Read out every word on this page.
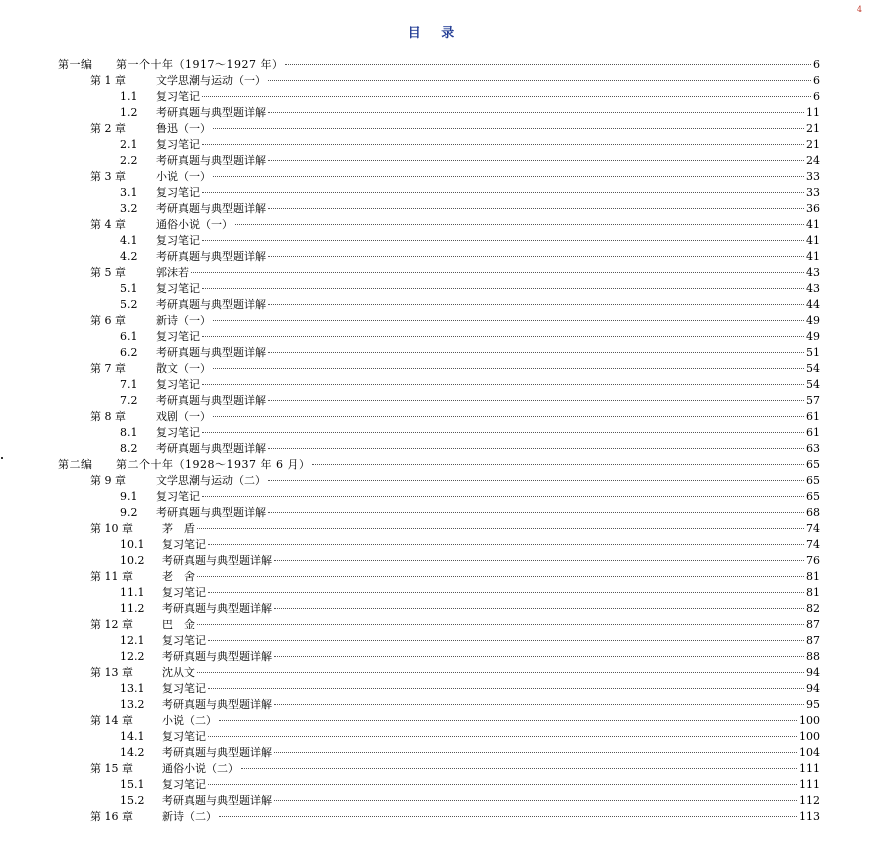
4
目 录
第一编	第一个十年（1917～1927 年）	6
第 1 章	文学思潮与运动（一）	6
1.1	复习笔记	6
1.2	考研真题与典型题详解	11
第 2 章	鲁迅（一）	21
2.1	复习笔记	21
2.2	考研真题与典型题详解	24
第 3 章	小说（一）	33
3.1	复习笔记	33
3.2	考研真题与典型题详解	36
第 4 章	通俗小说（一）	41
4.1	复习笔记	41
4.2	考研真题与典型题详解	41
第 5 章	郭沫若	43
5.1	复习笔记	43
5.2	考研真题与典型题详解	44
第 6 章	新诗（一）	49
6.1	复习笔记	49
6.2	考研真题与典型题详解	51
第 7 章	散文（一）	54
7.1	复习笔记	54
7.2	考研真题与典型题详解	57
第 8 章	戏剧（一）	61
8.1	复习笔记	61
8.2	考研真题与典型题详解	63
第二编	第二个十年（1928～1937 年 6 月）	65
第 9 章	文学思潮与运动（二）	65
9.1	复习笔记	65
9.2	考研真题与典型题详解	68
第 10 章	茅　盾	74
10.1	复习笔记	74
10.2	考研真题与典型题详解	76
第 11 章	老　舍	81
11.1	复习笔记	81
11.2	考研真题与典型题详解	82
第 12 章	巴　金	87
12.1	复习笔记	87
12.2	考研真题与典型题详解	88
第 13 章	沈从文	94
13.1	复习笔记	94
13.2	考研真题与典型题详解	95
第 14 章	小说（二）	100
14.1	复习笔记	100
14.2	考研真题与典型题详解	104
第 15 章	通俗小说（二）	111
15.1	复习笔记	111
15.2	考研真题与典型题详解	112
第 16 章	新诗（二）	113
